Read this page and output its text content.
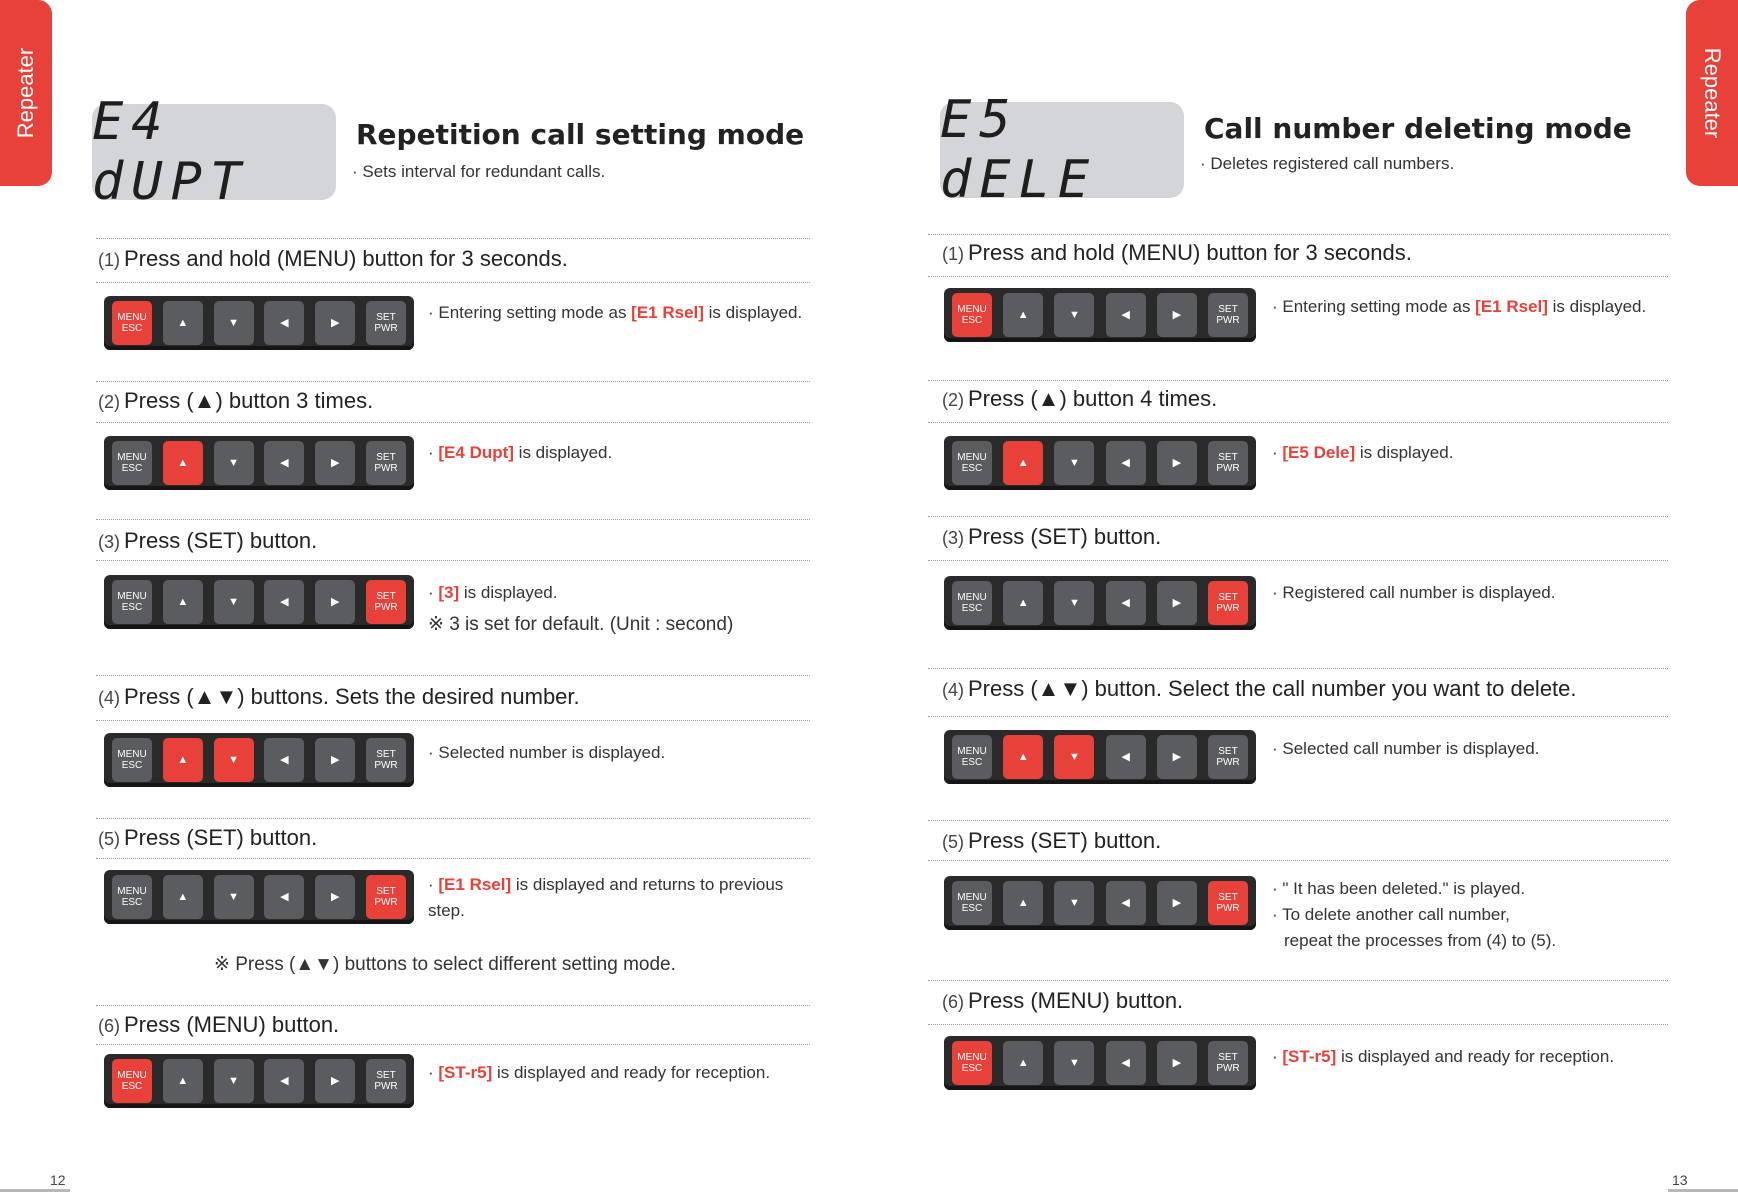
Repeater	Repeater
E4 dUPT
Repetition call setting mode
· Sets interval for redundant calls.
E5 dELE
Call number deleting mode
· Deletes registered call numbers.
(1) Press and hold (MENU) button for 3 seconds.
MENU
ESC	▲	▼	◀	▶	SET
PWR
· Entering setting mode as [E1 Rsel] is displayed.
(2) Press (▲) button 3 times.
MENU
ESC	▲	▼	◀	▶	SET
PWR
· [E4 Dupt] is displayed.
(3) Press (SET) button.
MENU
ESC	▲	▼	◀	▶	SET
PWR
· [3] is displayed.
※ 3 is set for default. (Unit : second)
(4) Press (▲▼) buttons. Sets the desired number.
MENU
ESC	▲	▼	◀	▶	SET
PWR
· Selected number is displayed.
(5) Press (SET) button.
MENU
ESC	▲	▼	◀	▶	SET
PWR
· [E1 Rsel] is displayed and returns to previous step.
※ Press (▲▼) buttons to select different setting mode.
(6) Press (MENU) button.
MENU
ESC	▲	▼	◀	▶	SET
PWR
· [ST-r5] is displayed and ready for reception.
(1) Press and hold (MENU) button for 3 seconds.
MENU
ESC	▲	▼	◀	▶	SET
PWR
· Entering setting mode as [E1 Rsel] is displayed.
(2) Press (▲) button 4 times.
MENU
ESC	▲	▼	◀	▶	SET
PWR
· [E5 Dele] is displayed.
(3) Press (SET) button.
MENU
ESC	▲	▼	◀	▶	SET
PWR
· Registered call number is displayed.
(4) Press (▲▼) button. Select the call number you want to delete.
MENU
ESC	▲	▼	◀	▶	SET
PWR
· Selected call number is displayed.
(5) Press (SET) button.
MENU
ESC	▲	▼	◀	▶	SET
PWR
· " It has been deleted." is played.
· To delete another call number,
repeat the processes from (4) to (5).
(6) Press (MENU) button.
MENU
ESC	▲	▼	◀	▶	SET
PWR
· [ST-r5] is displayed and ready for reception.
12	13
